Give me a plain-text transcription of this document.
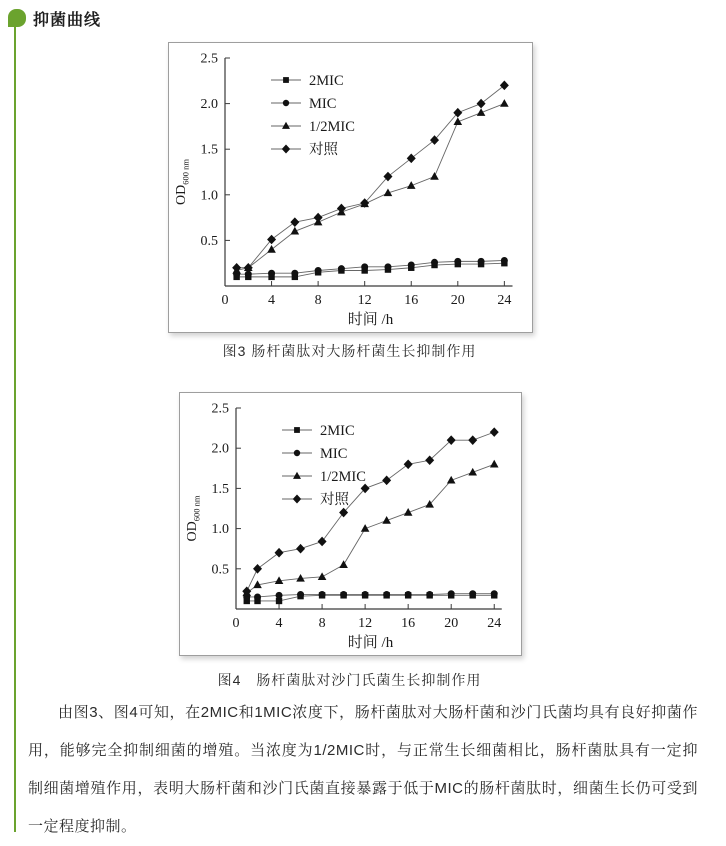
抑菌曲线
0	4	8	12 16 20 24
0.5
1.0
1.5
2.0
2.5
时间 /h
$OD_{600 nm}$
2MIC
MIC
1/2MIC
对照
图3 肠杆菌肽对大肠杆菌生长抑制作用
0	4	8 12 16 20 24
0.5
1.0
1.5
2.0
2.5
时间 /h
$OD_{600 nm}$
2MIC
MIC
1/2MIC
对照
图4　肠杆菌肽对沙门氏菌生长抑制作用

由图3、图4可知，在2MIC和1MIC浓度下，肠杆菌肽对大肠杆菌和沙门氏菌均具有良好抑菌作用，能够完全抑制细菌的增殖。当浓度为1/2MIC时，与正常生长细菌相比，肠杆菌肽具有一定抑制细菌增殖作用，表明大肠杆菌和沙门氏菌直接暴露于低于MIC的肠杆菌肽时，细菌生长仍可受到一定程度抑制。
